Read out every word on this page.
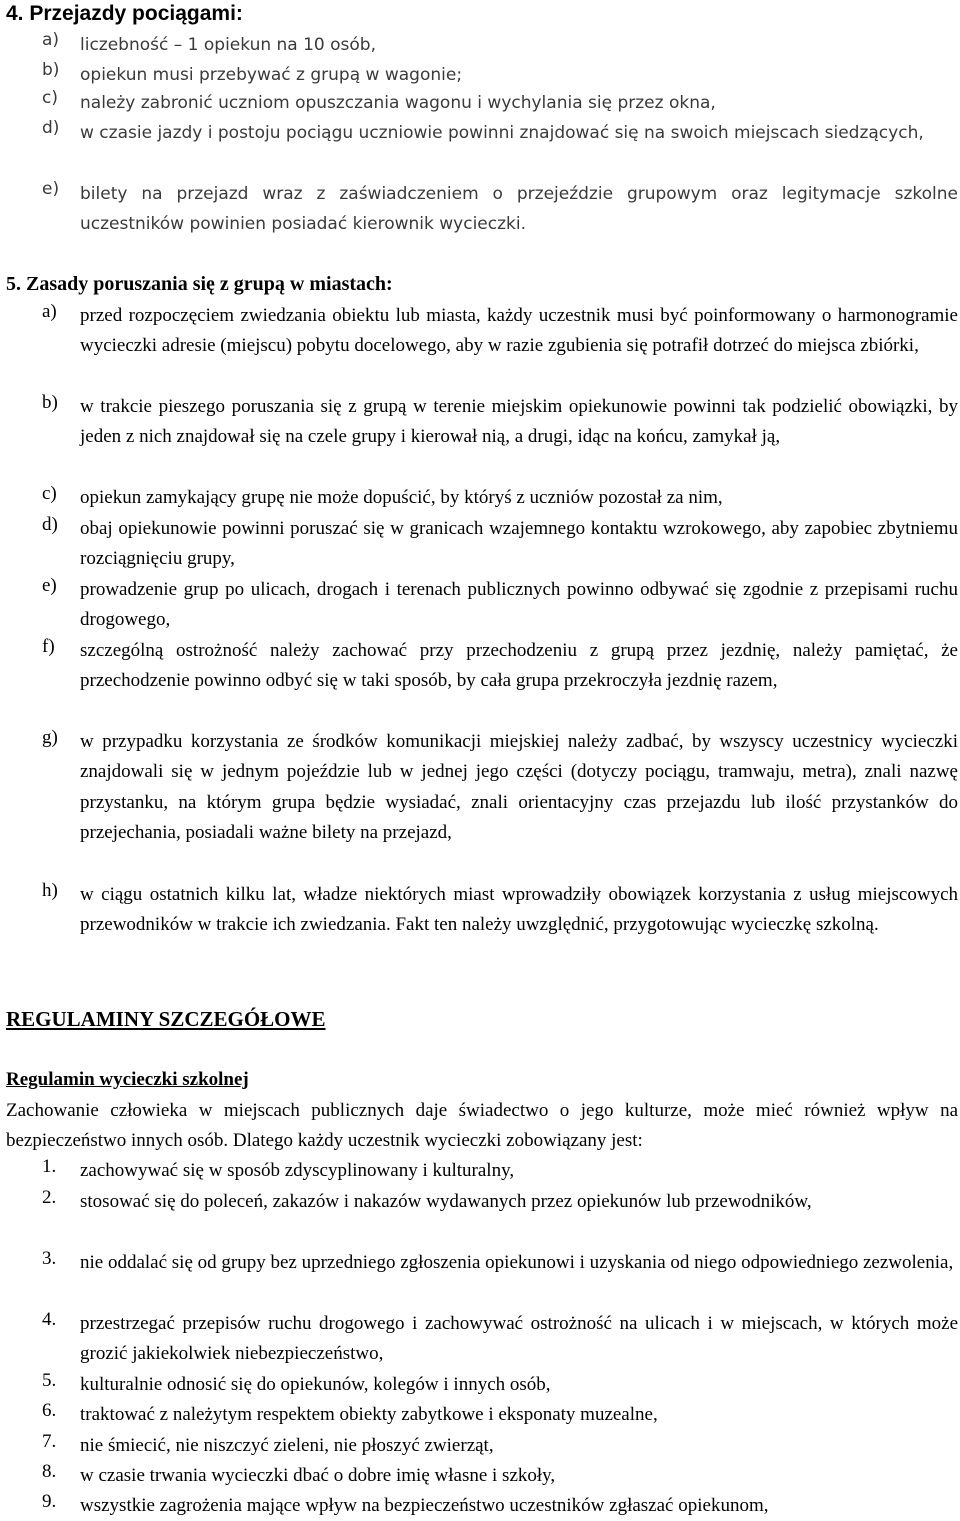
4. Przejazdy pociągami:

a) liczebność – 1 opiekun na 10 osób,

b) opiekun musi przebywać z grupą w wagonie;

c) należy zabronić uczniom opuszczania wagonu i wychylania się przez okna,

d) w czasie jazdy i postoju pociągu uczniowie powinni znajdować się na swoich miejscach siedzących,

e) bilety na przejazd wraz z zaświadczeniem o przejeździe grupowym oraz legitymacje szkolne uczestników powinien posiadać kierownik wycieczki.

5. Zasady poruszania się z grupą w miastach:

a) przed rozpoczęciem zwiedzania obiektu lub miasta, każdy uczestnik musi być poinformowany o harmonogramie wycieczki adresie (miejscu) pobytu docelowego, aby w razie zgubienia się potrafił dotrzeć do miejsca zbiórki,

b) w trakcie pieszego poruszania się z grupą w terenie miejskim opiekunowie powinni tak podzielić obowiązki, by jeden z nich znajdował się na czele grupy i kierował nią, a drugi, idąc na końcu, zamykał ją,

c) opiekun zamykający grupę nie może dopuścić, by któryś z uczniów pozostał za nim,

d) obaj opiekunowie powinni poruszać się w granicach wzajemnego kontaktu wzrokowego, aby zapobiec zbytniemu rozciągnięciu grupy,

e) prowadzenie grup po ulicach, drogach i terenach publicznych powinno odbywać się zgodnie z przepisami ruchu drogowego,

f) szczególną ostrożność należy zachować przy przechodzeniu z grupą przez jezdnię, należy pamiętać, że przechodzenie powinno odbyć się w taki sposób, by cała grupa przekroczyła jezdnię razem,

g) w przypadku korzystania ze środków komunikacji miejskiej należy zadbać, by wszyscy uczestnicy wycieczki znajdowali się w jednym pojeździe lub w jednej jego części (dotyczy pociągu, tramwaju, metra), znali nazwę przystanku, na którym grupa będzie wysiadać, znali orientacyjny czas przejazdu lub ilość przystanków do przejechania, posiadali ważne bilety na przejazd,

h) w ciągu ostatnich kilku lat, władze niektórych miast wprowadziły obowiązek korzystania z usług miejscowych przewodników w trakcie ich zwiedzania. Fakt ten należy uwzględnić, przygotowując wycieczkę szkolną.

REGULAMINY SZCZEGÓŁOWE
Regulamin wycieczki szkolnej

Zachowanie człowieka w miejscach publicznych daje świadectwo o jego kulturze, może mieć również wpływ na bezpieczeństwo innych osób. Dlatego każdy uczestnik wycieczki zobowiązany jest:

1. zachowywać się w sposób zdyscyplinowany i kulturalny,

2. stosować się do poleceń, zakazów i nakazów wydawanych przez opiekunów lub przewodników,

3. nie oddalać się od grupy bez uprzedniego zgłoszenia opiekunowi i uzyskania od niego odpowiedniego zezwolenia,

4. przestrzegać przepisów ruchu drogowego i zachowywać ostrożność na ulicach i w miejscach, w których może grozić jakiekolwiek niebezpieczeństwo,

5. kulturalnie odnosić się do opiekunów, kolegów i innych osób,

6. traktować z należytym respektem obiekty zabytkowe i eksponaty muzealne,

7. nie śmiecić, nie niszczyć zieleni, nie płoszyć zwierząt,

8. w czasie trwania wycieczki dbać o dobre imię własne i szkoły,

9. wszystkie zagrożenia mające wpływ na bezpieczeństwo uczestników zgłaszać opiekunom,
